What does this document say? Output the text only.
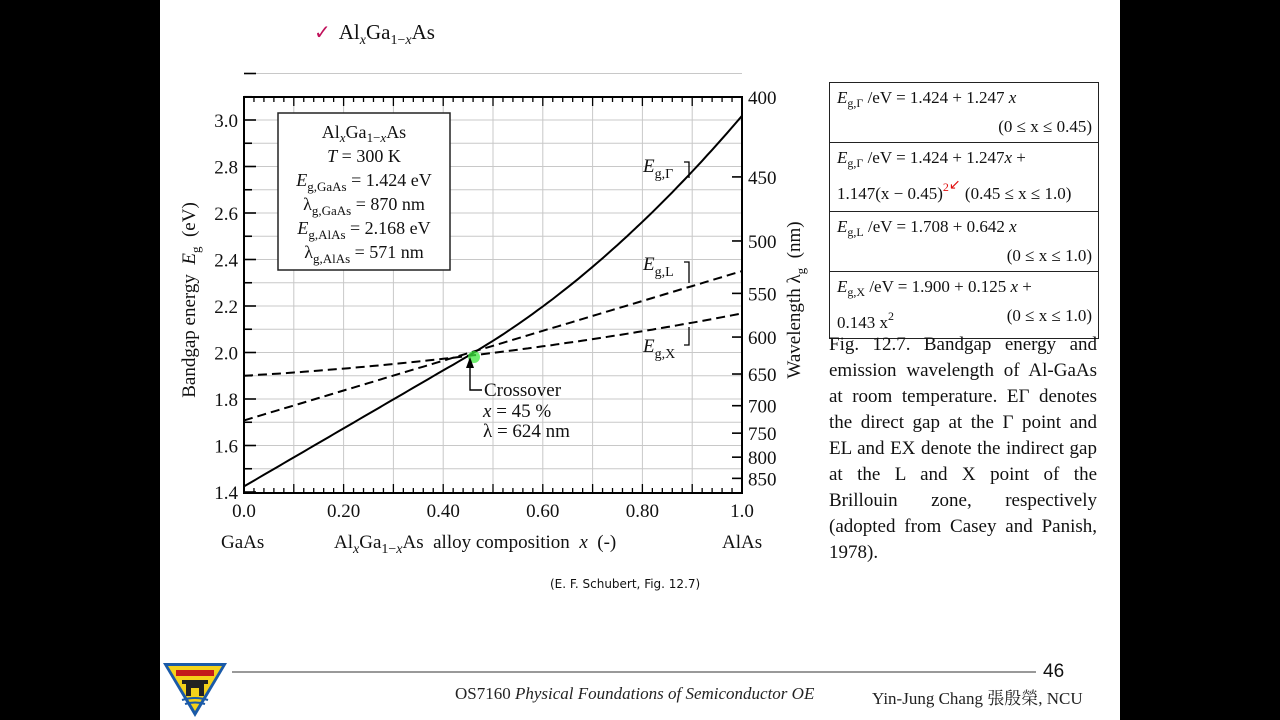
✓ $Al_xGa_{1-x}As$
1.4
1.6
1.8
2.0
2.2
2.4
2.6
2.8
3.0
0.0	0.20	0.40	0.60	0.80	1.0
400
450
500
550
600
650
700
750
800
850
Bandgap energy  $E_g$  (eV)
Wavelength $\lambda_g$  (nm)
GaAs	AlAs
$Al_xGa_{1-}xAs$  alloy composition  x  (-)
$E_{g,\Gamma}$
$E_{g,L}$
$E_{g,X}$
Crossover
x = 45 %
λ = 624 nm
$Al_xGa_{1-}xAs$
T = 300 K
$E_{g,GaAs} = 1.424$ eV
$\lambda_{g,GaAs} = 870$ nm
$E_{g,AlAs} = 2.168$ eV
$\lambda_{g,AlAs} = 571$ nm
$E_{g,\Gamma}$ /eV = 1.424 + 1.247 x
(0 ≤ x ≤ 0.45)
$E_{g,\Gamma}$ /eV = 1.424 + 1.247x +
$1.147(x - 0.45)^{2↙}$ (0.45 ≤ x ≤ 1.0)
$E_{g,L}$ /eV = 1.708 + 0.642 x
(0 ≤ x ≤ 1.0)
$E_{g,X}$ /eV = 1.900 + 0.125 x +
0.143 $x^2$	(0 ≤ x ≤ 1.0)
Fig. 12.7. Bandgap energy and emission wavelength of Al-GaAs at room temperature. EΓ denotes the direct gap at the Γ point and EL and EX denote the indirect gap at the L and X point of the Brillouin zone, respectively (adopted from Casey and Panish, 1978).
(E. F. Schubert, Fig. 12.7)
46
OS7160 Physical Foundations of Semiconductor OE	Yin-Jung Chang 張殷榮, NCU
